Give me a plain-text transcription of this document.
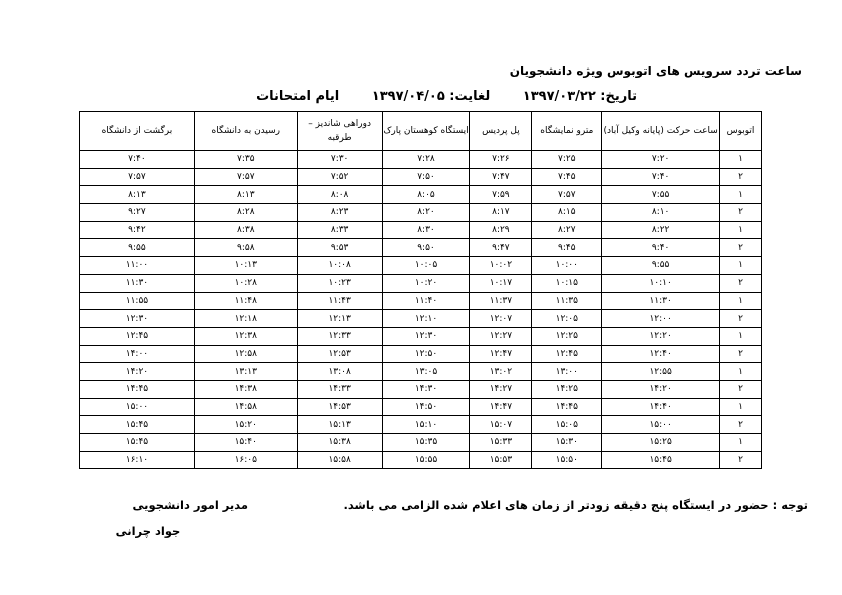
ساعت تردد سرویس های اتوبوس ویژه دانشجویان
تاریخ: ۱۳۹۷/۰۳/۲۲ لغایت: ۱۳۹۷/۰۴/۰۵ ایام امتحانات
اتوبوس	ساعت حرکت (پایانه وکیل آباد)	مترو نمایشگاه	پل پردیس	ایستگاه کوهستان پارک	دوراهی شاندیز –طرقبه	رسیدن به دانشگاه	برگشت از دانشگاه
۱	۷:۲۰	۷:۲۵	۷:۲۶	۷:۲۸	۷:۳۰	۷:۳۵	۷:۴۰
۲	۷:۴۰	۷:۴۵	۷:۴۷	۷:۵۰	۷:۵۲	۷:۵۷	۷:۵۷
۱	۷:۵۵	۷:۵۷	۷:۵۹	۸:۰۵	۸:۰۸	۸:۱۳	۸:۱۳
۲	۸:۱۰	۸:۱۵	۸:۱۷	۸:۲۰	۸:۲۳	۸:۲۸	۹:۲۷
۱	۸:۲۲	۸:۲۷	۸:۲۹	۸:۳۰	۸:۳۳	۸:۳۸	۹:۴۲
۲	۹:۴۰	۹:۴۵	۹:۴۷	۹:۵۰	۹:۵۳	۹:۵۸	۹:۵۵
۱	۹:۵۵	۱۰:۰۰	۱۰:۰۲	۱۰:۰۵	۱۰:۰۸	۱۰:۱۳	۱۱:۰۰
۲	۱۰:۱۰	۱۰:۱۵	۱۰:۱۷	۱۰:۲۰	۱۰:۲۳	۱۰:۲۸	۱۱:۳۰
۱	۱۱:۳۰	۱۱:۳۵	۱۱:۳۷	۱۱:۴۰	۱۱:۴۳	۱۱:۴۸	۱۱:۵۵
۲	۱۲:۰۰	۱۲:۰۵	۱۲:۰۷	۱۲:۱۰	۱۲:۱۳	۱۲:۱۸	۱۲:۳۰
۱	۱۲:۲۰	۱۲:۲۵	۱۲:۲۷	۱۲:۳۰	۱۲:۳۳	۱۲:۳۸	۱۲:۴۵
۲	۱۲:۴۰	۱۲:۴۵	۱۲:۴۷	۱۲:۵۰	۱۲:۵۳	۱۲:۵۸	۱۴:۰۰
۱	۱۲:۵۵	۱۳:۰۰	۱۳:۰۲	۱۳:۰۵	۱۳:۰۸	۱۳:۱۳	۱۴:۲۰
۲	۱۴:۲۰	۱۴:۲۵	۱۴:۲۷	۱۴:۳۰	۱۴:۳۳	۱۴:۳۸	۱۴:۴۵
۱	۱۴:۴۰	۱۴:۴۵	۱۴:۴۷	۱۴:۵۰	۱۴:۵۳	۱۴:۵۸	۱۵:۰۰
۲	۱۵:۰۰	۱۵:۰۵	۱۵:۰۷	۱۵:۱۰	۱۵:۱۳	۱۵:۲۰	۱۵:۴۵
۱	۱۵:۲۵	۱۵:۳۰	۱۵:۳۳	۱۵:۳۵	۱۵:۳۸	۱۵:۴۰	۱۵:۴۵
۲	۱۵:۴۵	۱۵:۵۰	۱۵:۵۳	۱۵:۵۵	۱۵:۵۸	۱۶:۰۵	۱۶:۱۰
توجه : حضور در ایستگاه پنج دقیقه زودتر از زمان های اعلام شده الزامی می باشد.
مدیر امور دانشجویی
جواد چرانی
